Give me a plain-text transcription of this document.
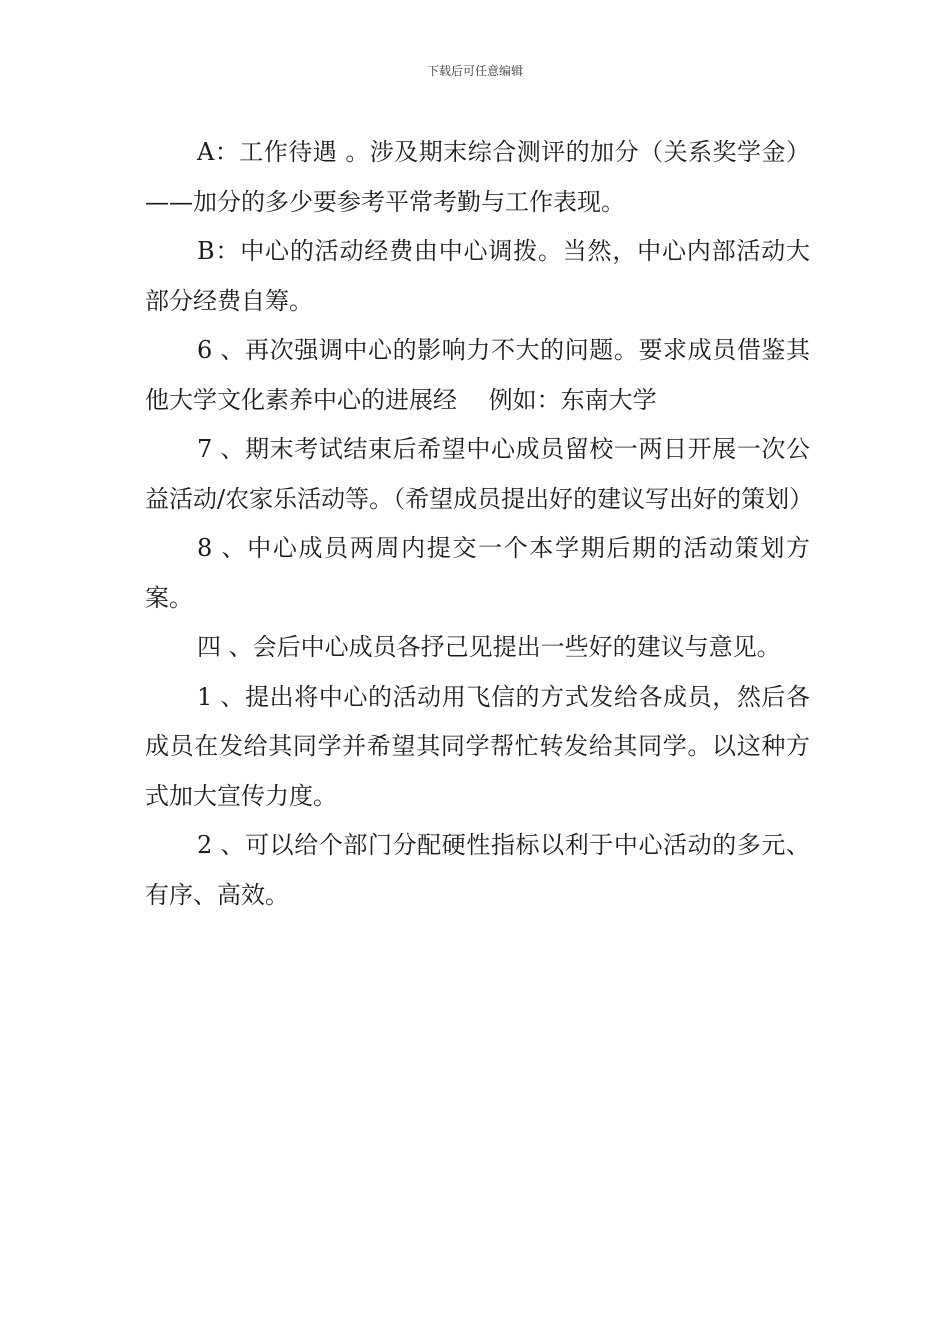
下载后可任意编辑

A：工作待遇 。涉及期末综合测评的加分（关系奖学金）——加分的多少要参考平常考勤与工作表现。

B：中心的活动经费由中心调拨。当然，中心内部活动大部分经费自筹。

6 、再次强调中心的影响力不大的问题。要求成员借鉴其他大学文化素养中心的进展经　 例如：东南大学

7 、期末考试结束后希望中心成员留校一两日开展一次公益活动/农家乐活动等。（希望成员提出好的建议写出好的策划）

8 、中心成员两周内提交一个本学期后期的活动策划方案。

四 、会后中心成员各抒己见提出一些好的建议与意见。

1 、提出将中心的活动用飞信的方式发给各成员，然后各成员在发给其同学并希望其同学帮忙转发给其同学。以这种方式加大宣传力度。

2 、可以给个部门分配硬性指标以利于中心活动的多元、有序、高效。
